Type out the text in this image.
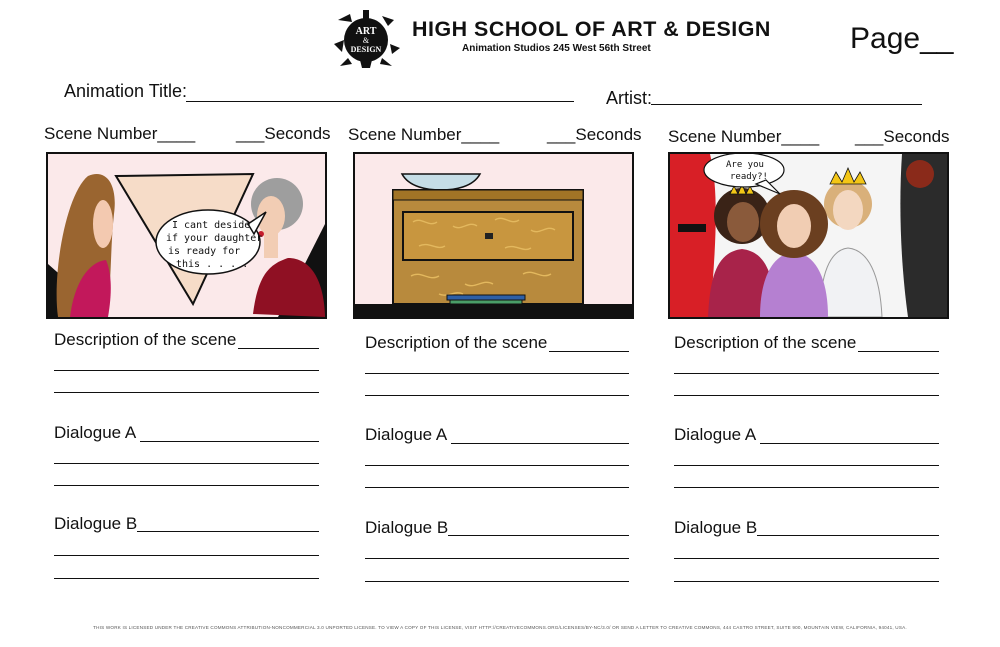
ART
&
DESIGN
HIGH SCHOOL OF ART & DESIGN
Animation Studios 245 West 56th Street	Page__
Animation Title:	Artist:
Scene Number____ ___Seconds
I cant deside if your daughter is ready for this . . . .
Description of the scene
Dialogue A
Dialogue B
Scene Number____	___Seconds
Description of the scene
Dialogue A
Dialogue B
Scene Number____ ___Seconds
Are you ready?!
Description of the scene
Dialogue A
Dialogue B
THIS WORK IS LICENSED UNDER THE CREATIVE COMMONS ATTRIBUTION-NONCOMMERCIAL 3.0 UNPORTED LICENSE. TO VIEW A COPY OF THIS LICENSE, VISIT HTTP://CREATIVECOMMONS.ORG/LICENSES/BY-NC/3.0/ OR SEND A LETTER TO CREATIVE COMMONS, 444 CASTRO STREET, SUITE 900, MOUNTAIN VIEW, CALIFORNIA, 94041, USA.
